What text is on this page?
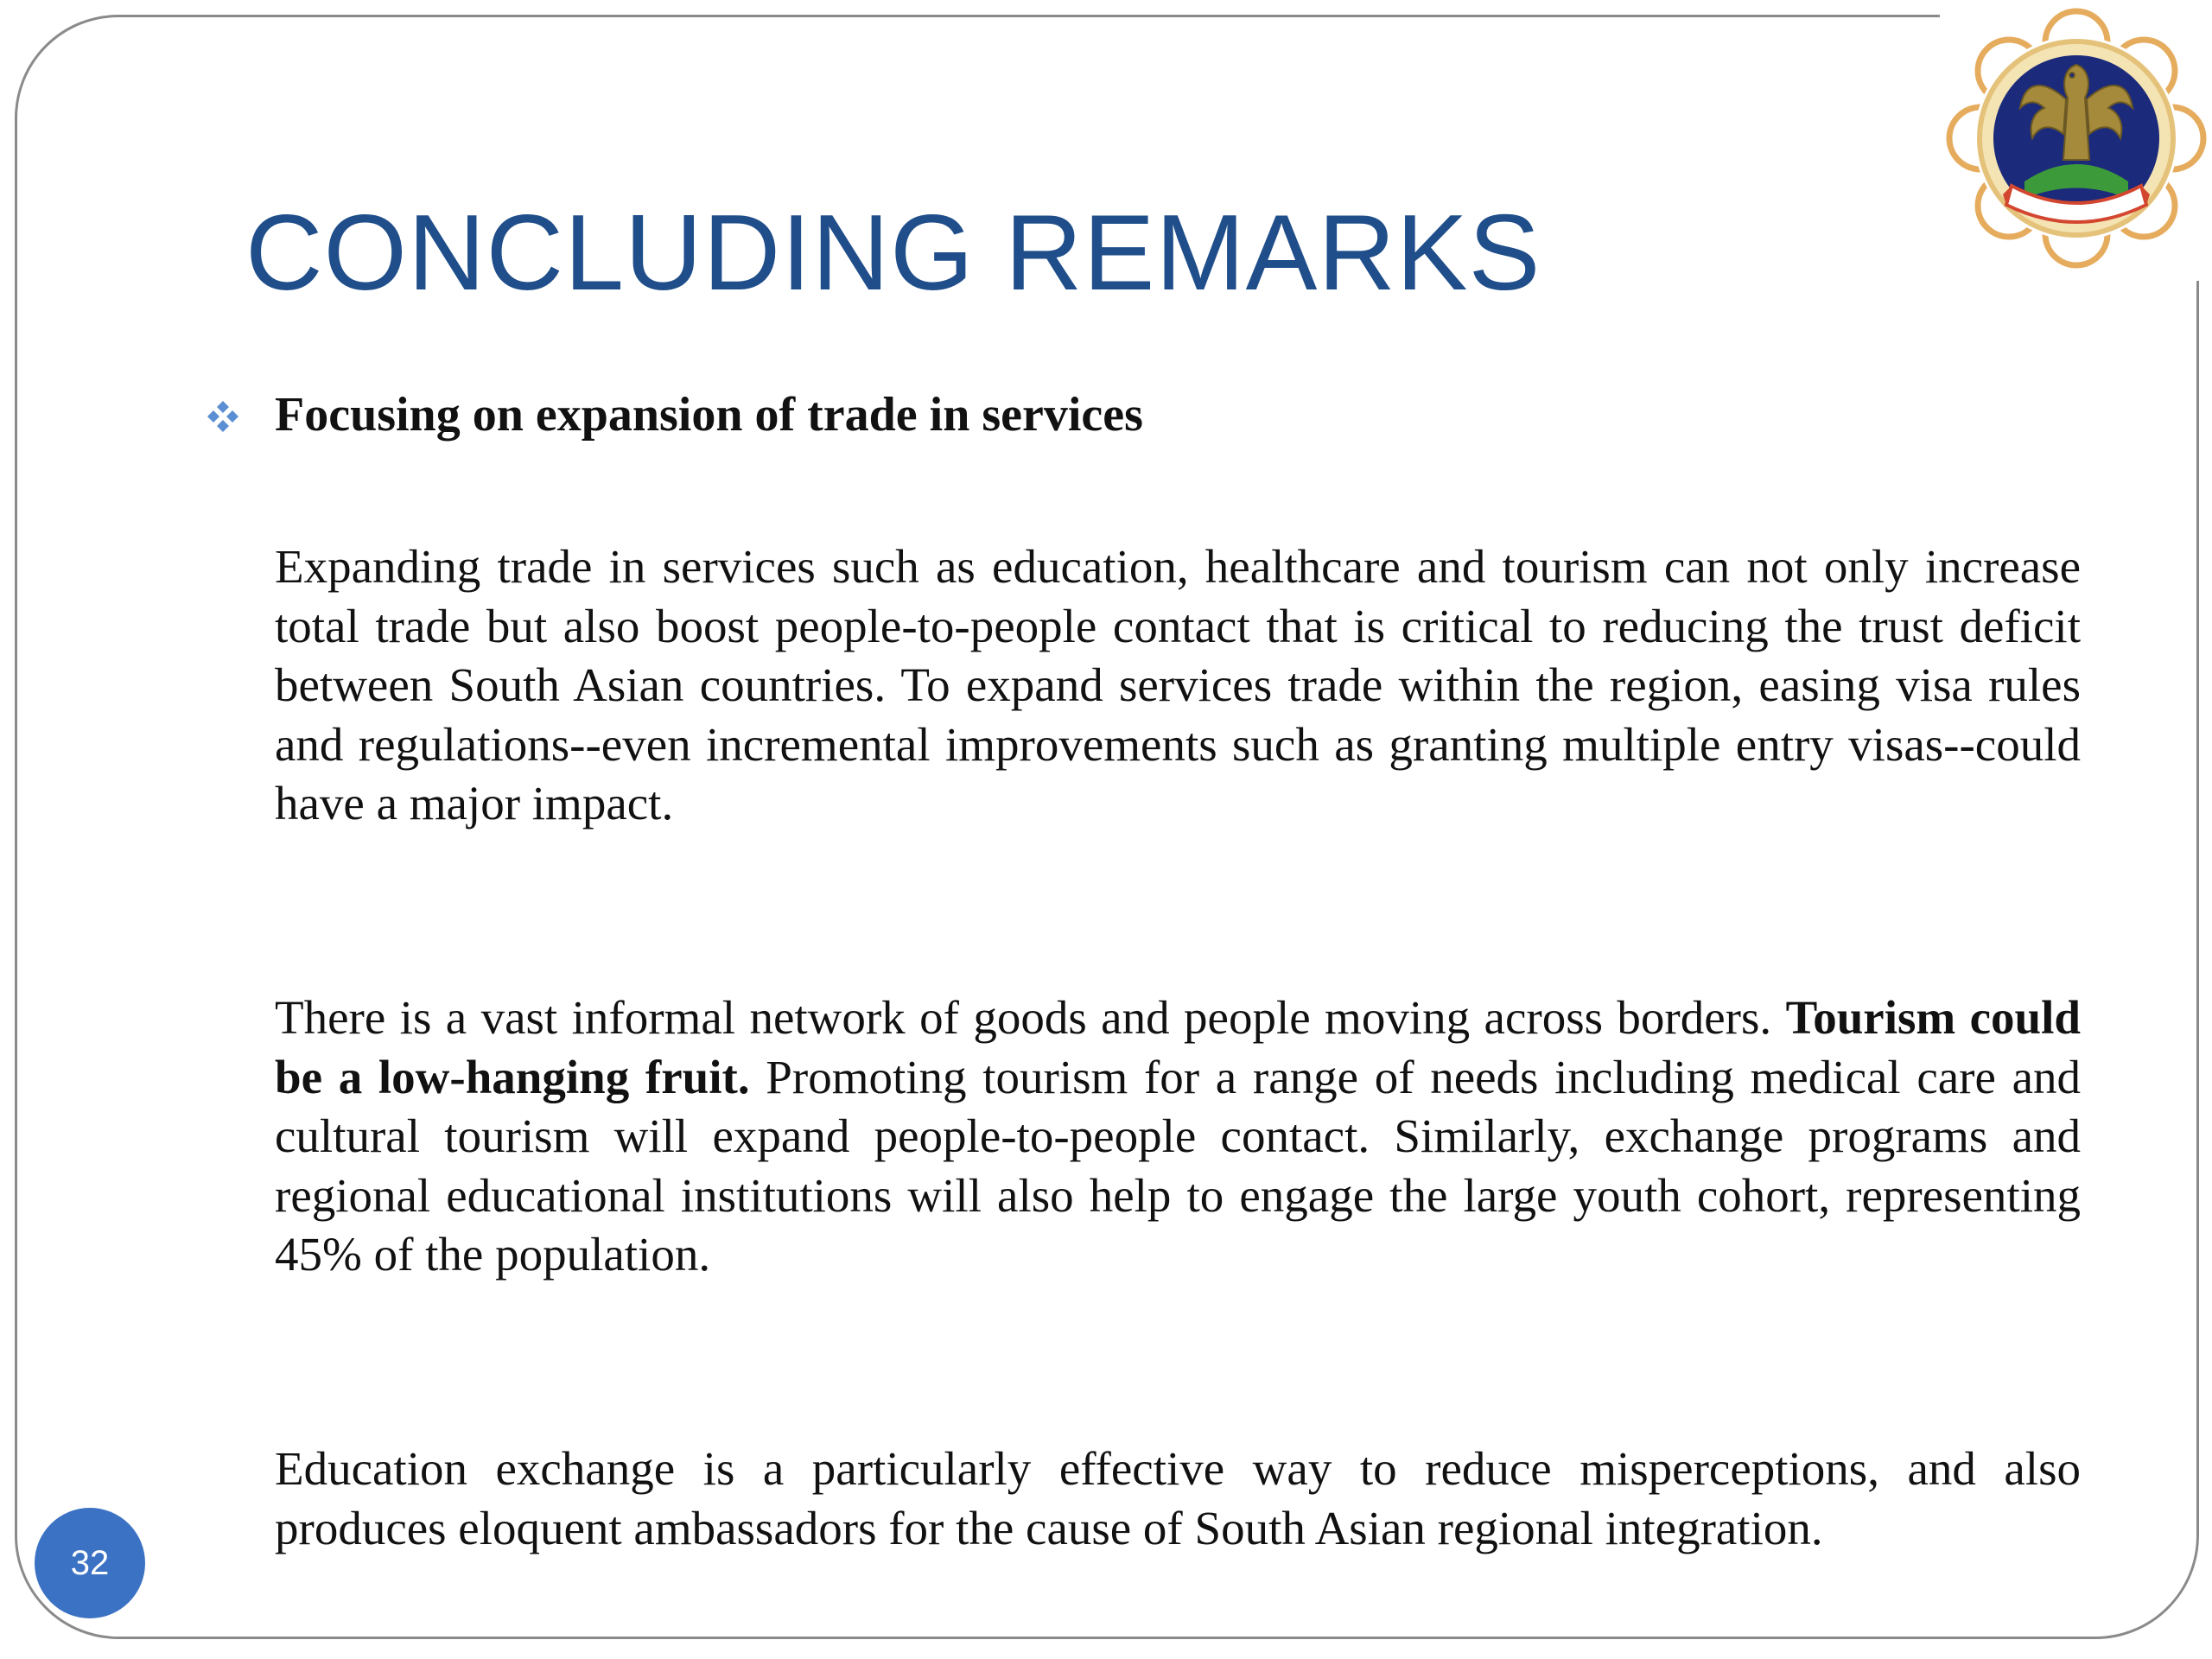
CONCLUDING REMARKS
Focusing on expansion of trade in services

Expanding trade in services such as education, healthcare and tourism can not only increase total trade but also boost people-to-people contact that is critical to reducing the trust deficit between South Asian countries. To expand services trade within the region, easing visa rules and regulations--even incremental improvements such as granting multiple entry visas--could have a major impact.

There is a vast informal network of goods and people moving across borders. Tourism could be a low-hanging fruit. Promoting tourism for a range of needs including medical care and cultural tourism will expand people-to-people contact. Similarly, exchange programs and regional educational institutions will also help to engage the large youth cohort, representing 45% of the population.

Education exchange is a particularly effective way to reduce misperceptions, and also produces eloquent ambassadors for the cause of South Asian regional integration.

32
